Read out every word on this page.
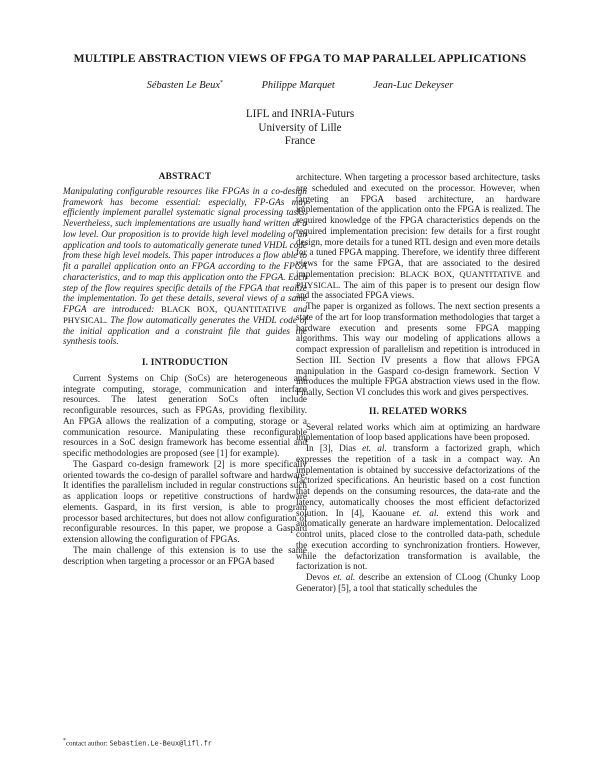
MULTIPLE ABSTRACTION VIEWS OF FPGA TO MAP PARALLEL APPLICATIONS
Sébasten Le Beux*	Philippe Marquet	Jean-Luc Dekeyser
LIFL and INRIA-Futurs
University of Lille
France
ABSTRACT

Manipulating configurable resources like FPGAs in a co-design framework has become essential: especially, FP-GAs may efficiently implement parallel systematic signal processing tasks. Nevertheless, such implementations are usually hand written at a low level. Our proposition is to provide high level modeling of an application and tools to automatically generate tuned VHDL code from these high level models. This paper introduces a flow able to fit a parallel application onto an FPGA according to the FPGA characteristics, and to map this application onto the FPGA. Each step of the flow requires specific details of the FPGA that realize the implementation. To get these details, several views of a same FPGA are introduced: BLACK BOX, QUANTITATIVE and PHYSICAL. The flow automatically generates the VHDL code of the initial application and a constraint file that guides the synthesis tools.

I. INTRODUCTION

Current Systems on Chip (SoCs) are heterogeneous and integrate computing, storage, communication and interface resources. The latest generation SoCs often include reconfigurable resources, such as FPGAs, providing flexibility. An FPGA allows the realization of a computing, storage or a communication resource. Manipulating these reconfigurable resources in a SoC design framework has become essential and specific methodologies are proposed (see [1] for example).

The Gaspard co-design framework [2] is more specifically oriented towards the co-design of parallel software and hardware. It identifies the parallelism included in regular constructions such as application loops or repetitive constructions of hardware elements. Gaspard, in its first version, is able to program processor based architectures, but does not allow configuration of reconfigurable resources. In this paper, we propose a Gaspard extension allowing the configuration of FPGAs.

The main challenge of this extension is to use the same description when targeting a processor or an FPGA based

*contact author: Sebastien.Le-Beux@lifl.fr

architecture. When targeting a processor based architecture, tasks are scheduled and executed on the processor. However, when targeting an FPGA based architecture, an hardware implementation of the application onto the FPGA is realized. The required knowledge of the FPGA characteristics depends on the required implementation precision: few details for a first rought design, more details for a tuned RTL design and even more details for a tuned FPGA mapping. Therefore, we identify three different views for the same FPGA, that are associated to the desired implementation precision: BLACK BOX, QUANTITATIVE and PHYSICAL. The aim of this paper is to present our design flow and the associated FPGA views.

The paper is organized as follows. The next section presents a state of the art for loop transformation methodologies that target a hardware execution and presents some FPGA mapping algorithms. This way our modeling of applications allows a compact expression of parallelism and repetition is introduced in Section III. Section IV presents a flow that allows FPGA manipulation in the Gaspard co-design framework. Section V introduces the multiple FPGA abstraction views used in the flow. Finally, Section VI concludes this work and gives perspectives.

II. RELATED WORKS

Several related works which aim at optimizing an hardware implementation of loop based applications have been proposed.

In [3], Dias et. al. transform a factorized graph, which expresses the repetition of a task in a compact way. An implementation is obtained by successive defactorizations of the factorized specifications. An heuristic based on a cost function that depends on the consuming resources, the data-rate and the latency, automatically chooses the most efficient defactorized solution. In [4], Kaouane et. al. extend this work and automatically generate an hardware implementation. Delocalized control units, placed close to the controlled data-path, schedule the execution according to synchronization frontiers. However, while the defactorization transformation is available, the factorization is not.

Devos et. al. describe an extension of CLoog (Chunky Loop Generator) [5], a tool that statically schedules the
